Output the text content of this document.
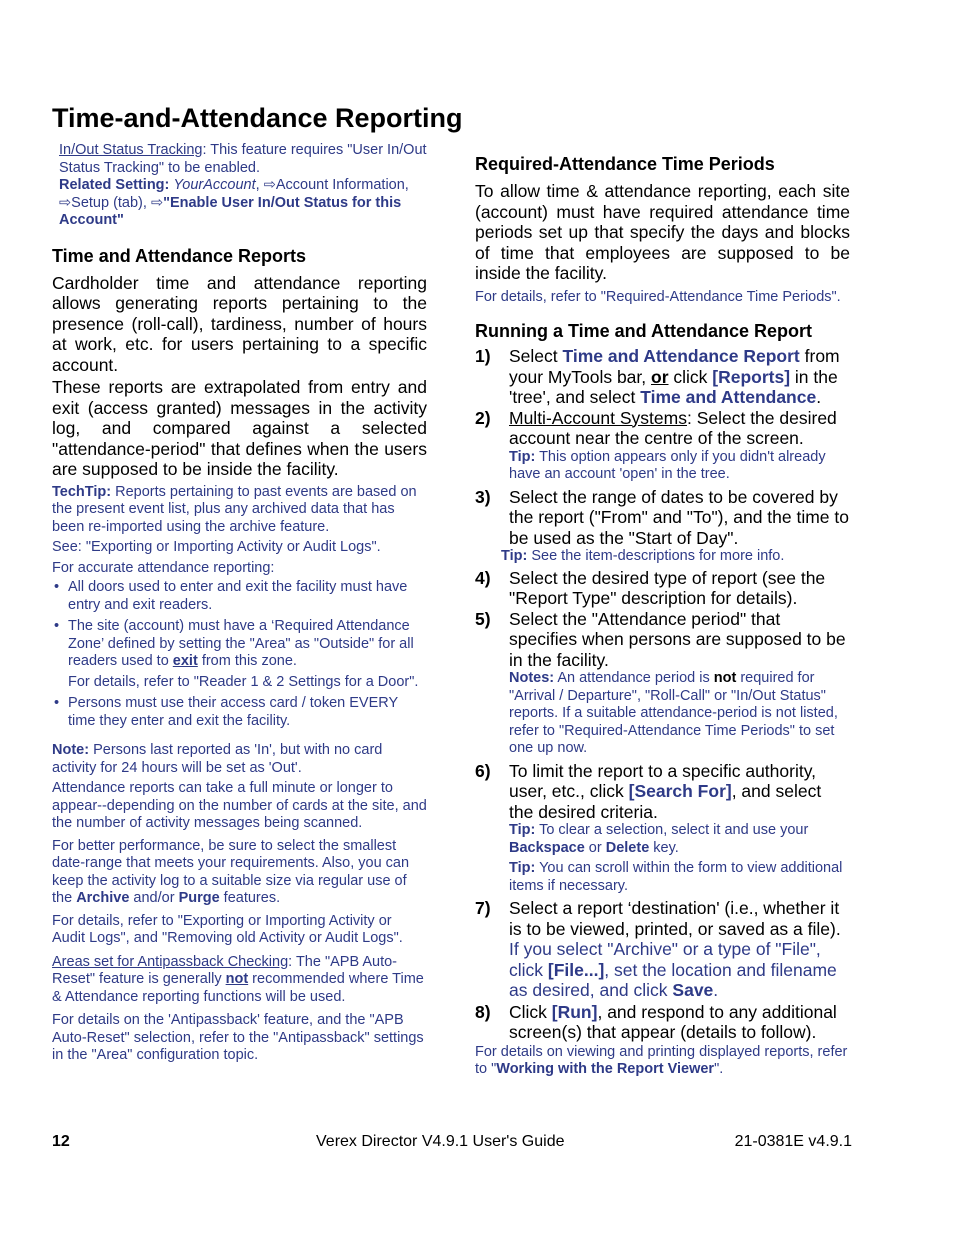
Time-and-Attendance Reporting

In/Out Status Tracking: This feature requires "User In/Out Status Tracking" to be enabled.

Related Setting: YourAccount, ⇨Account Information, ⇨Setup (tab), ⇨"Enable User In/Out Status for this Account"

Time and Attendance Reports

Cardholder time and attendance reporting allows generating reports pertaining to the presence (roll-call), tardiness, number of hours at work, etc. for users pertaining to a specific account.

These reports are extrapolated from entry and exit (access granted) messages in the activity log, and compared against a selected "attendance-period" that defines when the users are supposed to be inside the facility.

TechTip: Reports pertaining to past events are based on the present event list, plus any archived data that has been re-imported using the archive feature.

See: "Exporting or Importing Activity or Audit Logs".

For accurate attendance reporting:

• All doors used to enter and exit the facility must have entry and exit readers.
• The site (account) must have a ‘Required Attendance Zone’ defined by setting the "Area" as "Outside" for all readers used to exit from this zone.

For details, refer to "Reader 1 & 2 Settings for a Door".

• Persons must use their access card / token EVERY time they enter and exit the facility.

Note: Persons last reported as 'In', but with no card activity for 24 hours will be set as 'Out'.

Attendance reports can take a full minute or longer to appear--depending on the number of cards at the site, and the number of activity messages being scanned.

For better performance, be sure to select the smallest date-range that meets your requirements. Also, you can keep the activity log to a suitable size via regular use of the Archive and/or Purge features.

For details, refer to "Exporting or Importing Activity or Audit Logs", and "Removing old Activity or Audit Logs".

Areas set for Antipassback Checking: The "APB Auto-Reset" feature is generally not recommended where Time & Attendance reporting functions will be used.

For details on the 'Antipassback' feature, and the "APB Auto-Reset" selection, refer to the "Antipassback" settings in the "Area" configuration topic.

Required-Attendance Time Periods

To allow time & attendance reporting, each site (account) must have required attendance time periods set up that specify the days and blocks of time that employees are supposed to be inside the facility.

For details, refer to "Required-Attendance Time Periods".

Running a Time and Attendance Report
1) Select Time and Attendance Report from your MyTools bar, or click [Reports] in the 'tree', and select Time and Attendance.
2) Multi-Account Systems: Select the desired account near the centre of the screen.

Tip: This option appears only if you didn't already have an account 'open' in the tree.

3) Select the range of dates to be covered by the report ("From" and "To"), and the time to be used as the "Start of Day".

Tip: See the item-descriptions for more info.

4) Select the desired type of report (see the "Report Type" description for details).
5) Select the "Attendance period" that specifies when persons are supposed to be in the facility.

Notes: An attendance period is not required for "Arrival / Departure", "Roll-Call" or "In/Out Status" reports. If a suitable attendance-period is not listed, refer to "Required-Attendance Time Periods" to set one up now.

6) To limit the report to a specific authority, user, etc., click [Search For], and select the desired criteria.

Tip: To clear a selection, select it and use your Backspace or Delete key.

Tip: You can scroll within the form to view additional items if necessary.

7) Select a report ‘destination' (i.e., whether it is to be viewed, printed, or saved as a file).

If you select "Archive" or a type of "File", click [File...], set the location and filename as desired, and click Save.

8) Click [Run], and respond to any additional screen(s) that appear (details to follow).

For details on viewing and printing displayed reports, refer to "Working with the Report Viewer".

12	Verex Director V4.9.1 User's Guide	21-0381E v4.9.1
